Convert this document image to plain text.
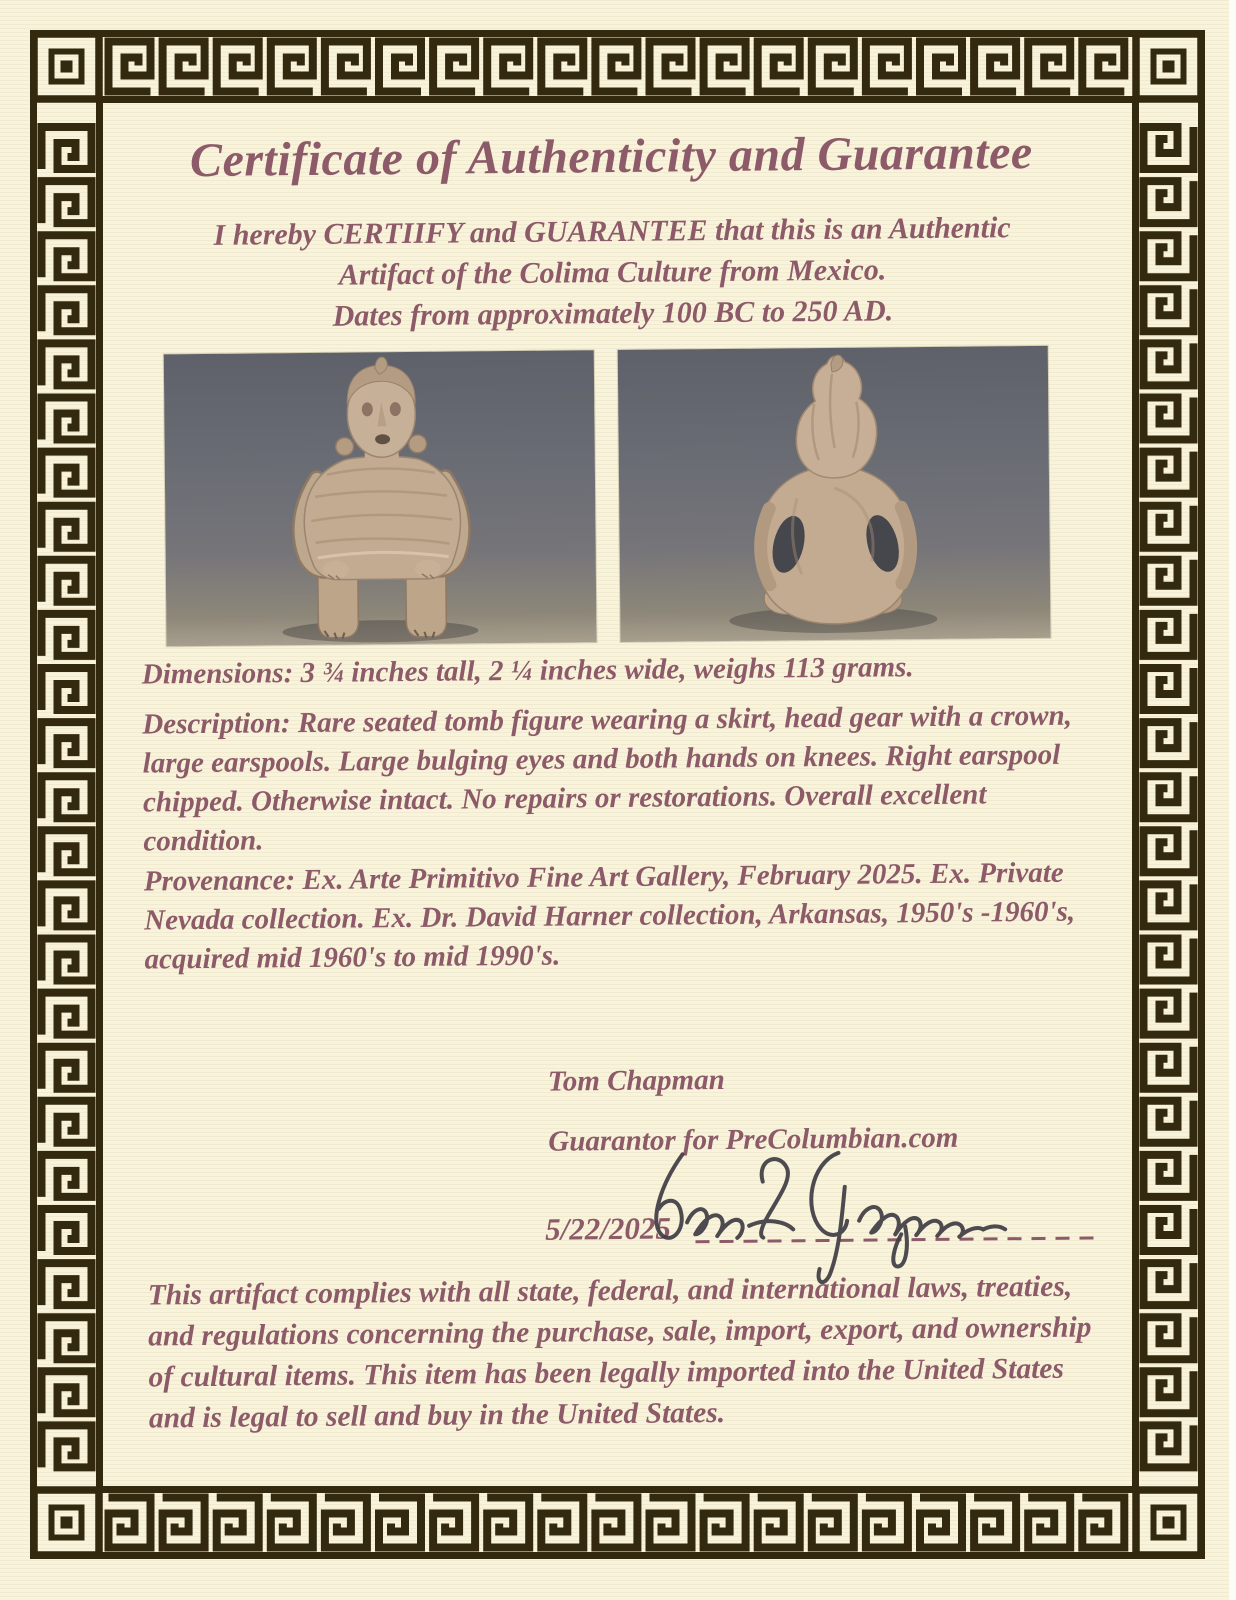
Certificate of Authenticity and Guarantee
I hereby CERTIIFY and GUARANTEE that this is an Authentic
Artifact of the Colima Culture from Mexico.
Dates from approximately 100 BC to 250 AD.
Dimensions: 3 ¾ inches tall, 2 ¼ inches wide, weighs 113 grams.
Description: Rare seated tomb figure wearing a skirt, head gear with a crown, large earspools. Large bulging eyes and both hands on knees. Right earspool chipped. Otherwise intact. No repairs or restorations. Overall excellent condition.
Provenance: Ex. Arte Primitivo Fine Art Gallery, February 2025. Ex. Private Nevada collection. Ex. Dr. David Harner collection, Arkansas, 1950's -1960's, acquired mid 1960's to mid 1990's.
Tom Chapman
Guarantor for PreColumbian.com
5/22/2025
This artifact complies with all state, federal, and international laws, treaties, and regulations concerning the purchase, sale, import, export, and ownership of cultural items. This item has been legally imported into the United States and is legal to sell and buy in the United States.
